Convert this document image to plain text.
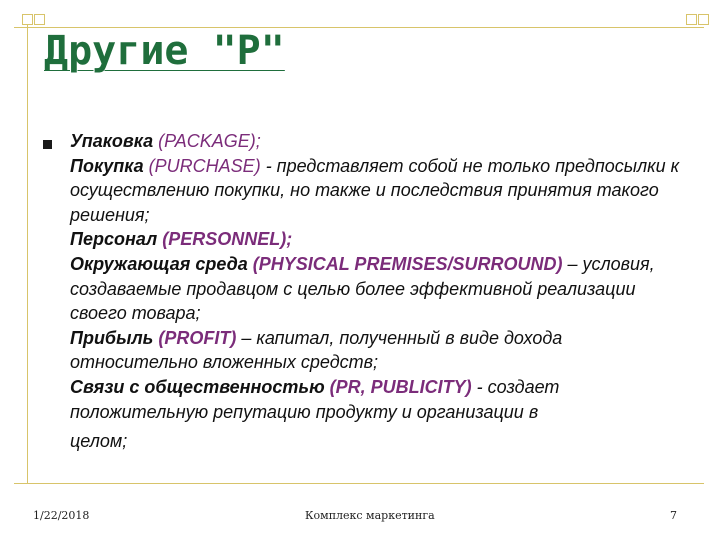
Другие "Р"

Упаковка (PACKAGE);
Покупка (PURCHASE) - представляет собой не только предпосылки к осуществлению покупки, но также и последствия принятия такого решения;
Персонал (PERSONNEL);
Окружающая среда (PHYSICAL PREMISES/SURROUND) – условия, создаваемые продавцом с целью более эффективной реализации своего товара;
Прибыль (PROFIT) – капитал, полученный в виде дохода относительно вложенных средств;
Связи с общественностью (PR, PUBLICITY) - создает положительную репутацию продукту и организации в
целом;

1/22/2018	Комплекс маркетинга	7
